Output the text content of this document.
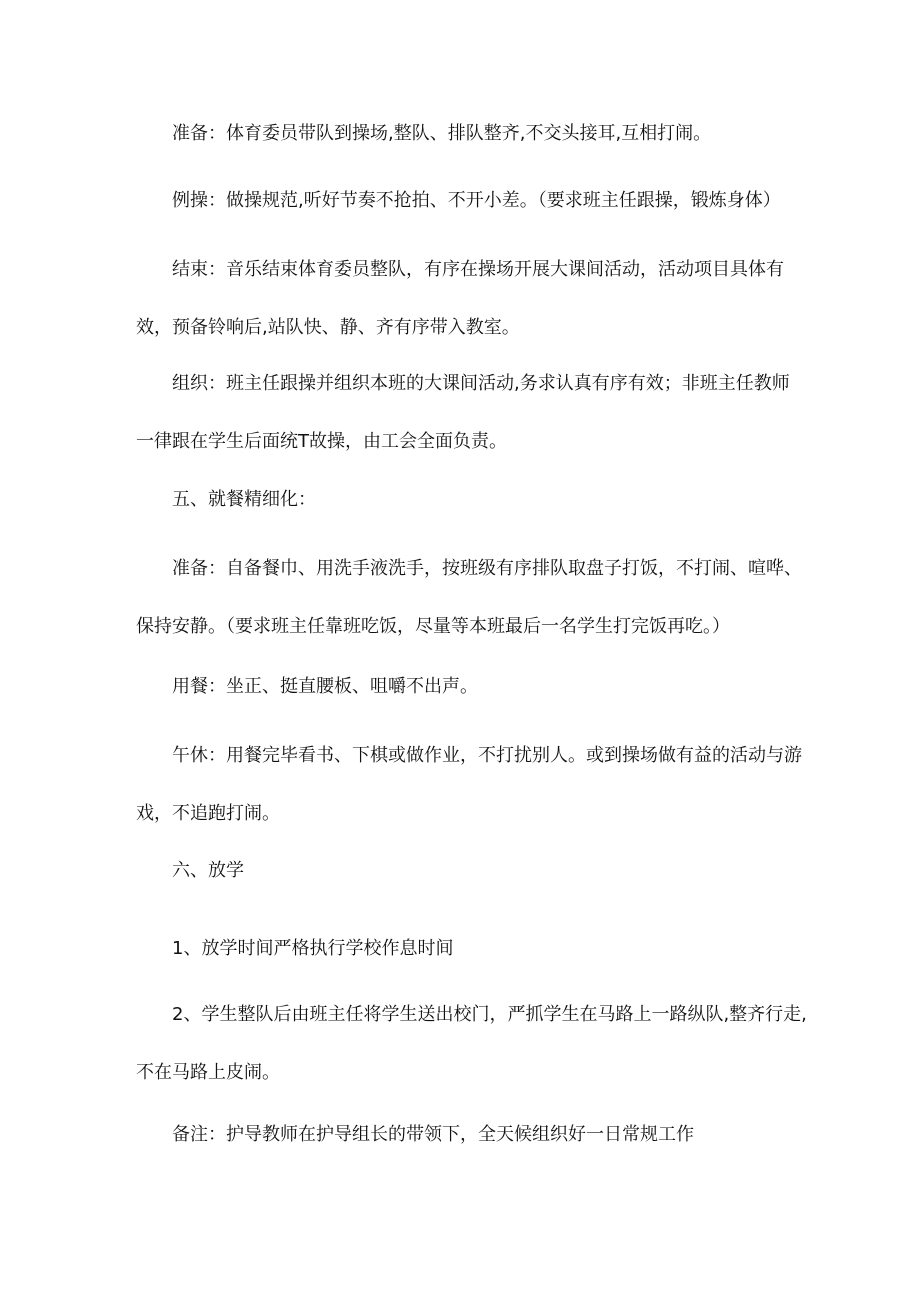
准备：体育委员带队到操场,整队、排队整齐,不交头接耳,互相打闹。

例操：做操规范,听好节奏不抢拍、不开小差。（要求班主任跟操，锻炼身体）

结束：音乐结束体育委员整队，有序在操场开展大课间活动，活动项目具体有
效，预备铃响后,站队快、静、齐有序带入教室。

组织：班主任跟操并组织本班的大课间活动,务求认真有序有效；非班主任教师
一律跟在学生后面统T故操，由工会全面负责。

五、就餐精细化：

准备：自备餐巾、用洗手液洗手，按班级有序排队取盘子打饭，不打闹、喧哗、
保持安静。（要求班主任靠班吃饭，尽量等本班最后一名学生打完饭再吃。）

用餐：坐正、挺直腰板、咀嚼不出声。

午休：用餐完毕看书、下棋或做作业，不打扰别人。或到操场做有益的活动与游
戏，不追跑打闹。

六、放学

1、放学时间严格执行学校作息时间

2、学生整队后由班主任将学生送出校门，严抓学生在马路上一路纵队,整齐行走,
不在马路上皮闹。

备注：护导教师在护导组长的带领下，全天候组织好一日常规工作
